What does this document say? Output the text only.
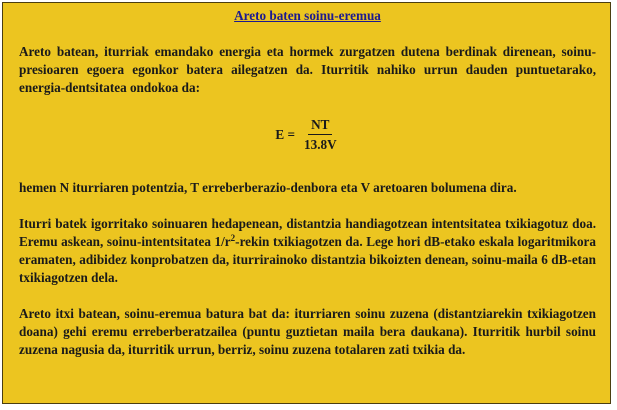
Areto baten soinu-eremua

Areto batean, iturriak emandako energia eta hormek zurgatzen dutena berdinak direnean, soinu-presioaren egoera egonkor batera ailegatzen da. Iturritik nahiko urrun dauden puntuetarako, energia-dentsitatea ondokoa da:

$E = \frac{NT}{13.8V}$

hemen N iturriaren potentzia, T erreberberazio-denbora eta V aretoaren bolumena dira.

Iturri batek igorritako soinuaren hedapenean, distantzia handiagotzean intentsitatea txikiagotuz doa. Eremu askean, soinu-intentsitatea $1/r^2$-rekin txikiagotzen da. Lege hori dB-etako eskala logaritmikora eramaten, adibidez konprobatzen da, iturrirainoko distantzia bikoizten denean, soinu-maila 6 dB-etan txikiagotzen dela.

Areto itxi batean, soinu-eremua batura bat da: iturriaren soinu zuzena (distantziarekin txikiagotzen doana) gehi eremu erreberberatzailea (puntu guztietan maila bera daukana). Iturritik hurbil soinu zuzena nagusia da, iturritik urrun, berriz, soinu zuzena totalaren zati txikia da.
